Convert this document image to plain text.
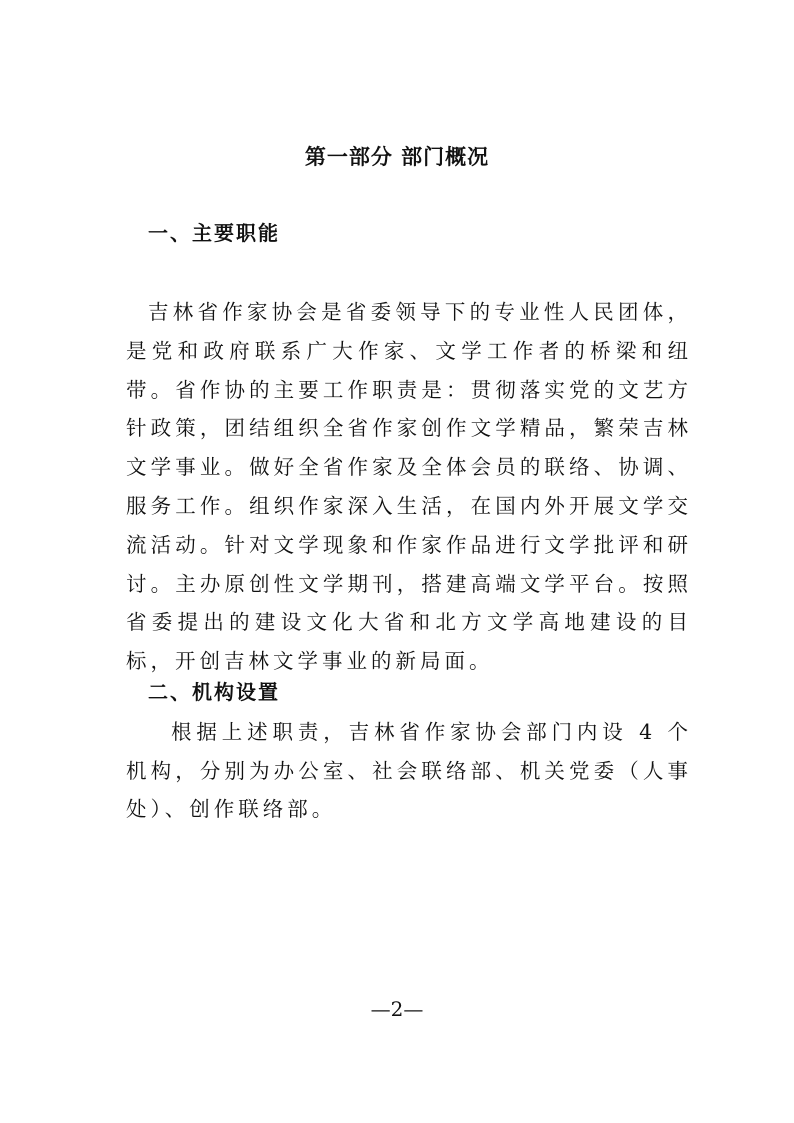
第一部分 部门概况
一、主要职能

吉林省作家协会是省委领导下的专业性人民团体，是党和政府联系广大作家、文学工作者的桥梁和纽带。省作协的主要工作职责是：贯彻落实党的文艺方针政策，团结组织全省作家创作文学精品，繁荣吉林文学事业。做好全省作家及全体会员的联络、协调、服务工作。组织作家深入生活，在国内外开展文学交流活动。针对文学现象和作家作品进行文学批评和研讨。主办原创性文学期刊，搭建高端文学平台。按照省委提出的建设文化大省和北方文学高地建设的目标，开创吉林文学事业的新局面。

二、机构设置

根据上述职责，吉林省作家协会部门内设 4 个机构，分别为办公室、社会联络部、机关党委（人事处）、创作联络部。

—2—
